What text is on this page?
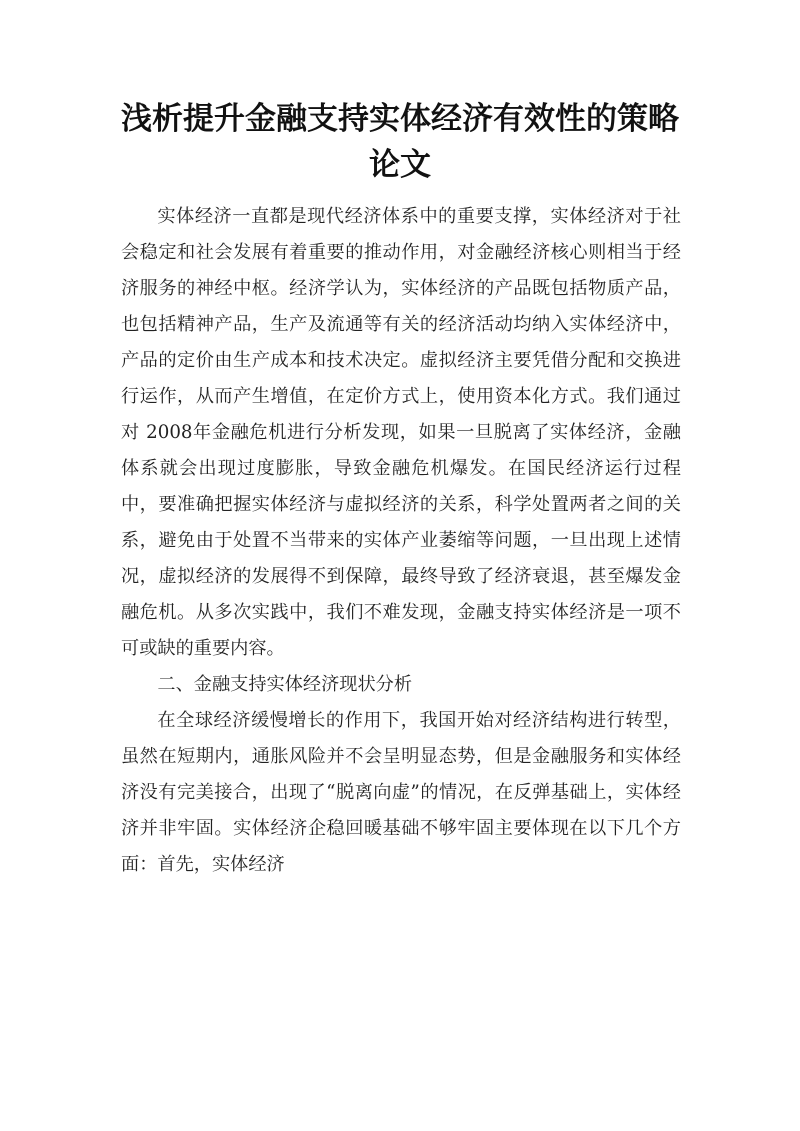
浅析提升金融支持实体经济有效性的策略
论文

实体经济一直都是现代经济体系中的重要支撑，实体经济对于社会稳定和社会发展有着重要的推动作用，对金融经济核心则相当于经济服务的神经中枢。经济学认为，实体经济的产品既包括物质产品，也包括精神产品，生产及流通等有关的经济活动均纳入实体经济中，产品的定价由生产成本和技术决定。虚拟经济主要凭借分配和交换进行运作，从而产生增值，在定价方式上，使用资本化方式。我们通过对 2008年金融危机进行分析发现，如果一旦脱离了实体经济，金融体系就会出现过度膨胀，导致金融危机爆发。在国民经济运行过程中，要准确把握实体经济与虚拟经济的关系，科学处置两者之间的关系，避免由于处置不当带来的实体产业萎缩等问题，一旦出现上述情况，虚拟经济的发展得不到保障，最终导致了经济衰退，甚至爆发金融危机。从多次实践中，我们不难发现，金融支持实体经济是一项不可或缺的重要内容。

二、金融支持实体经济现状分析

在全球经济缓慢增长的作用下，我国开始对经济结构进行转型，虽然在短期内，通胀风险并不会呈明显态势，但是金融服务和实体经济没有完美接合，出现了“脱离向虚”的情况，在反弹基础上，实体经济并非牢固。实体经济企稳回暖基础不够牢固主要体现在以下几个方面：首先，实体经济
